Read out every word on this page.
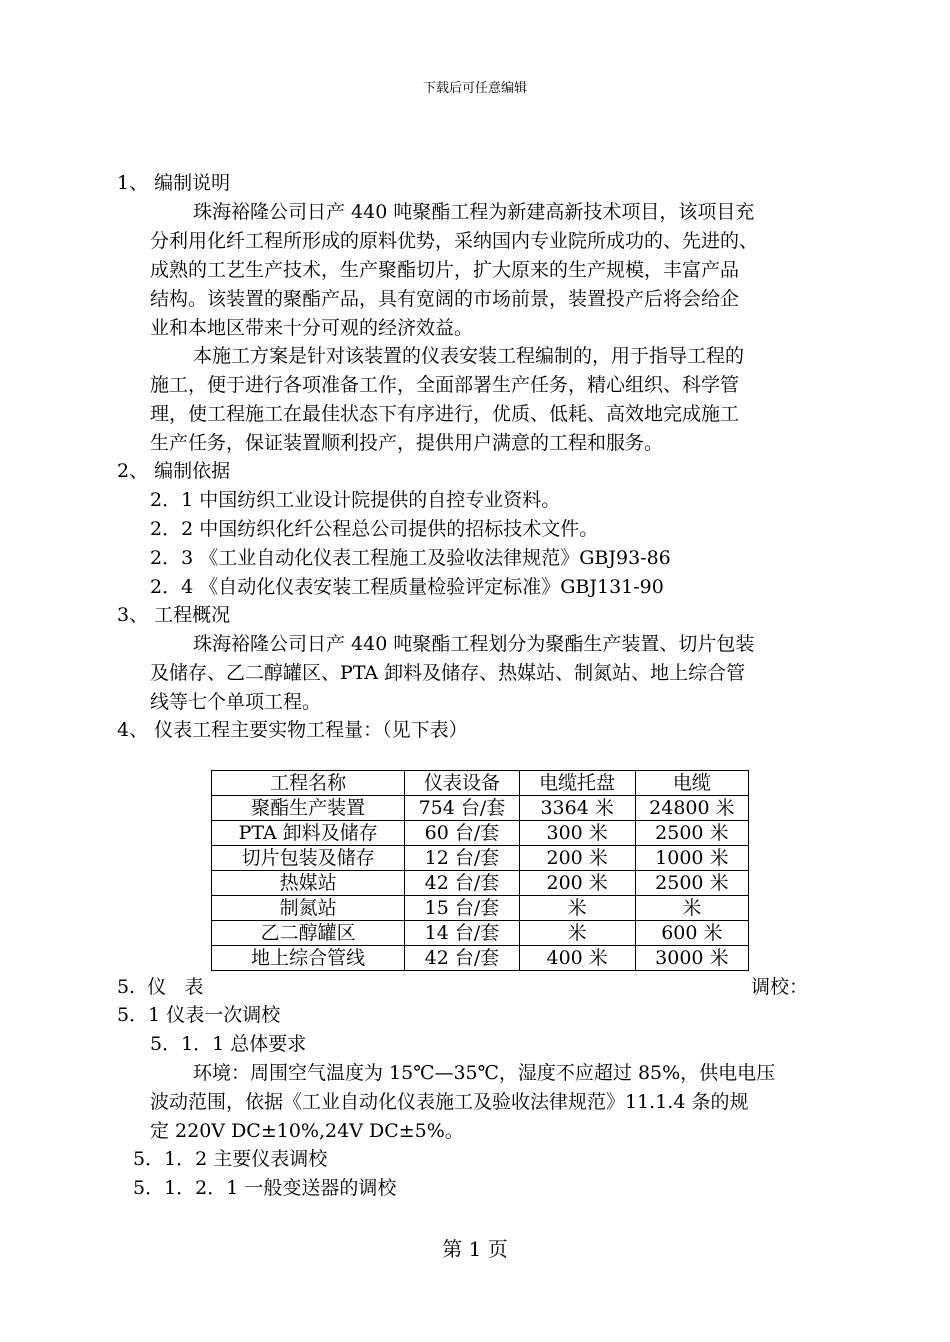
下载后可任意编辑
1、 编制说明
珠海裕隆公司日产 440 吨聚酯工程为新建高新技术项目，该项目充
分利用化纤工程所形成的原料优势，采纳国内专业院所成功的、先进的、
成熟的工艺生产技术，生产聚酯切片，扩大原来的生产规模，丰富产品
结构。该装置的聚酯产品，具有宽阔的市场前景，装置投产后将会给企
业和本地区带来十分可观的经济效益。
本施工方案是针对该装置的仪表安装工程编制的，用于指导工程的
施工，便于进行各项准备工作，全面部署生产任务，精心组织、科学管
理，使工程施工在最佳状态下有序进行，优质、低耗、高效地完成施工
生产任务，保证装置顺利投产，提供用户满意的工程和服务。
2、 编制依据
2．1 中国纺织工业设计院提供的自控专业资料。
2．2 中国纺织化纤公程总公司提供的招标技术文件。
2．3 《工业自动化仪表工程施工及验收法律规范》GBJ93-86
2．4 《自动化仪表安装工程质量检验评定标准》GBJ131-90
3、 工程概况
珠海裕隆公司日产 440 吨聚酯工程划分为聚酯生产装置、切片包装
及储存、乙二醇罐区、PTA 卸料及储存、热媒站、制氮站、地上综合管
线等七个单项工程。
4、 仪表工程主要实物工程量：（见下表）
工程名称	仪表设备	电缆托盘	电缆
聚酯生产装置	754 台/套	3364 米	24800 米
PTA 卸料及储存	60 台/套	300 米	2500 米
切片包装及储存	12 台/套	200 米	1000 米
热媒站	42 台/套	200 米	2500 米
制氮站	15 台/套	米	米
乙二醇罐区	14 台/套	米	600 米
地上综合管线	42 台/套	400 米	3000 米
5.  仪   表	调校：
5．1 仪表一次调校
5．1．1 总体要求
环境：周围空气温度为 15℃—35℃，湿度不应超过 85%，供电电压
波动范围，依据《工业自动化仪表施工及验收法律规范》11.1.4 条的规
定 220V DC±10%,24V DC±5%。
5．1．2 主要仪表调校
5．1．2．1 一般变送器的调校
第 1 页
